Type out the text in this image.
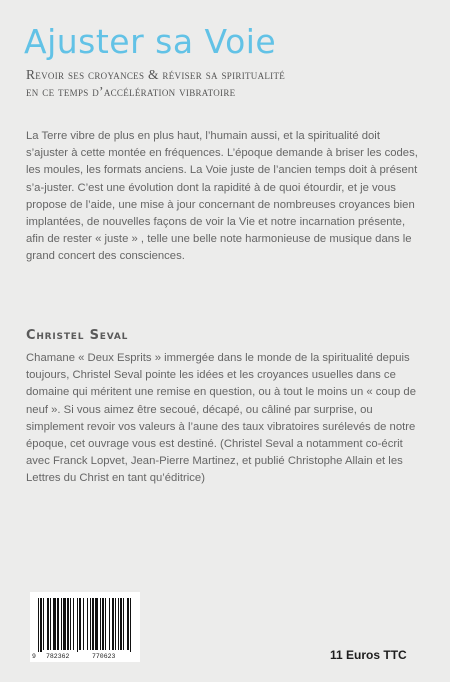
Ajuster sa Voie
Revoir ses croyances & réviser sa spiritualité
en ce temps d’accélération vibratoire

La Terre vibre de plus en plus haut, l’humain aussi, et la spiritualité doit s’ajuster à cette montée en fréquences. L’époque demande à briser les codes, les moules, les formats anciens. La Voie juste de l’ancien temps doit à présent s’a-juster. C’est une évolution dont la rapidité à de quoi étourdir, et je vous propose de l’aide, une mise à jour concernant de nombreuses croyances bien implantées, de nouvelles façons de voir la Vie et notre incarnation présente, afin de rester « juste » , telle une belle note harmonieuse de musique dans le grand concert des consciences.

Christel Seval

Chamane « Deux Esprits » immergée dans le monde de la spiritualité depuis toujours, Christel Seval pointe les idées et les croyances usuelles dans ce domaine qui méritent une remise en question, ou à tout le moins un « coup de neuf ». Si vous aimez être secoué, décapé, ou câliné par surprise, ou simplement revoir vos valeurs à l’aune des taux vibratoires surélevés de notre époque, cet ouvrage vous est destiné. (Christel Seval a notamment co-écrit avec Franck Lopvet, Jean-Pierre Martinez, et publié Christophe Allain et les Lettres du Christ en tant qu’éditrice)

9 782362	770623	11 Euros TTC
